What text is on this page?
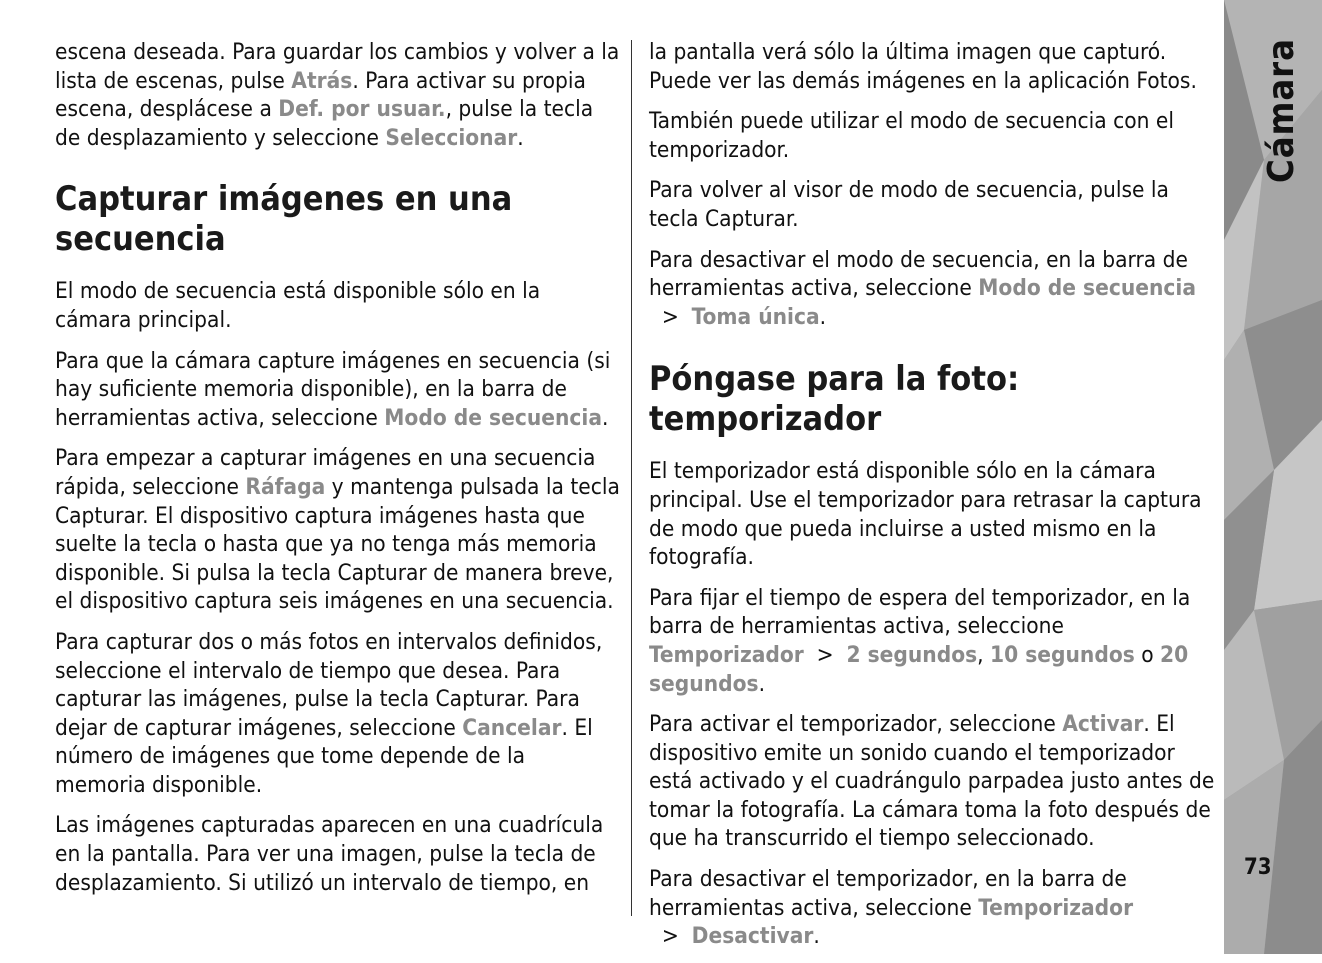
escena deseada. Para guardar los cambios y volver a la lista de escenas, pulse Atrás. Para activar su propia escena, desplácese a Def. por usuar., pulse la tecla de desplazamiento y seleccione Seleccionar.

Capturar imágenes en una secuencia

El modo de secuencia está disponible sólo en la cámara principal.

Para que la cámara capture imágenes en secuencia (si hay suficiente memoria disponible), en la barra de herramientas activa, seleccione Modo de secuencia.

Para empezar a capturar imágenes en una secuencia rápida, seleccione Ráfaga y mantenga pulsada la tecla Capturar. El dispositivo captura imágenes hasta que suelte la tecla o hasta que ya no tenga más memoria disponible. Si pulsa la tecla Capturar de manera breve, el dispositivo captura seis imágenes en una secuencia.

Para capturar dos o más fotos en intervalos definidos, seleccione el intervalo de tiempo que desea. Para capturar las imágenes, pulse la tecla Capturar. Para dejar de capturar imágenes, seleccione Cancelar. El número de imágenes que tome depende de la memoria disponible.

Las imágenes capturadas aparecen en una cuadrícula en la pantalla. Para ver una imagen, pulse la tecla de desplazamiento. Si utilizó un intervalo de tiempo, en

la pantalla verá sólo la última imagen que capturó. Puede ver las demás imágenes en la aplicación Fotos.

También puede utilizar el modo de secuencia con el temporizador.

Para volver al visor de modo de secuencia, pulse la tecla Capturar.

Para desactivar el modo de secuencia, en la barra de herramientas activa, seleccione Modo de secuencia  >  Toma única.

Póngase para la foto: temporizador

El temporizador está disponible sólo en la cámara principal. Use el temporizador para retrasar la captura de modo que pueda incluirse a usted mismo en la fotografía.

Para fijar el tiempo de espera del temporizador, en la barra de herramientas activa, seleccione Temporizador  >  2 segundos, 10 segundos o 20 segundos.

Para activar el temporizador, seleccione Activar. El dispositivo emite un sonido cuando el temporizador está activado y el cuadrángulo parpadea justo antes de tomar la fotografía. La cámara toma la foto después de que ha transcurrido el tiempo seleccionado.

Para desactivar el temporizador, en la barra de herramientas activa, seleccione Temporizador  >  Desactivar.

Cámara
73
